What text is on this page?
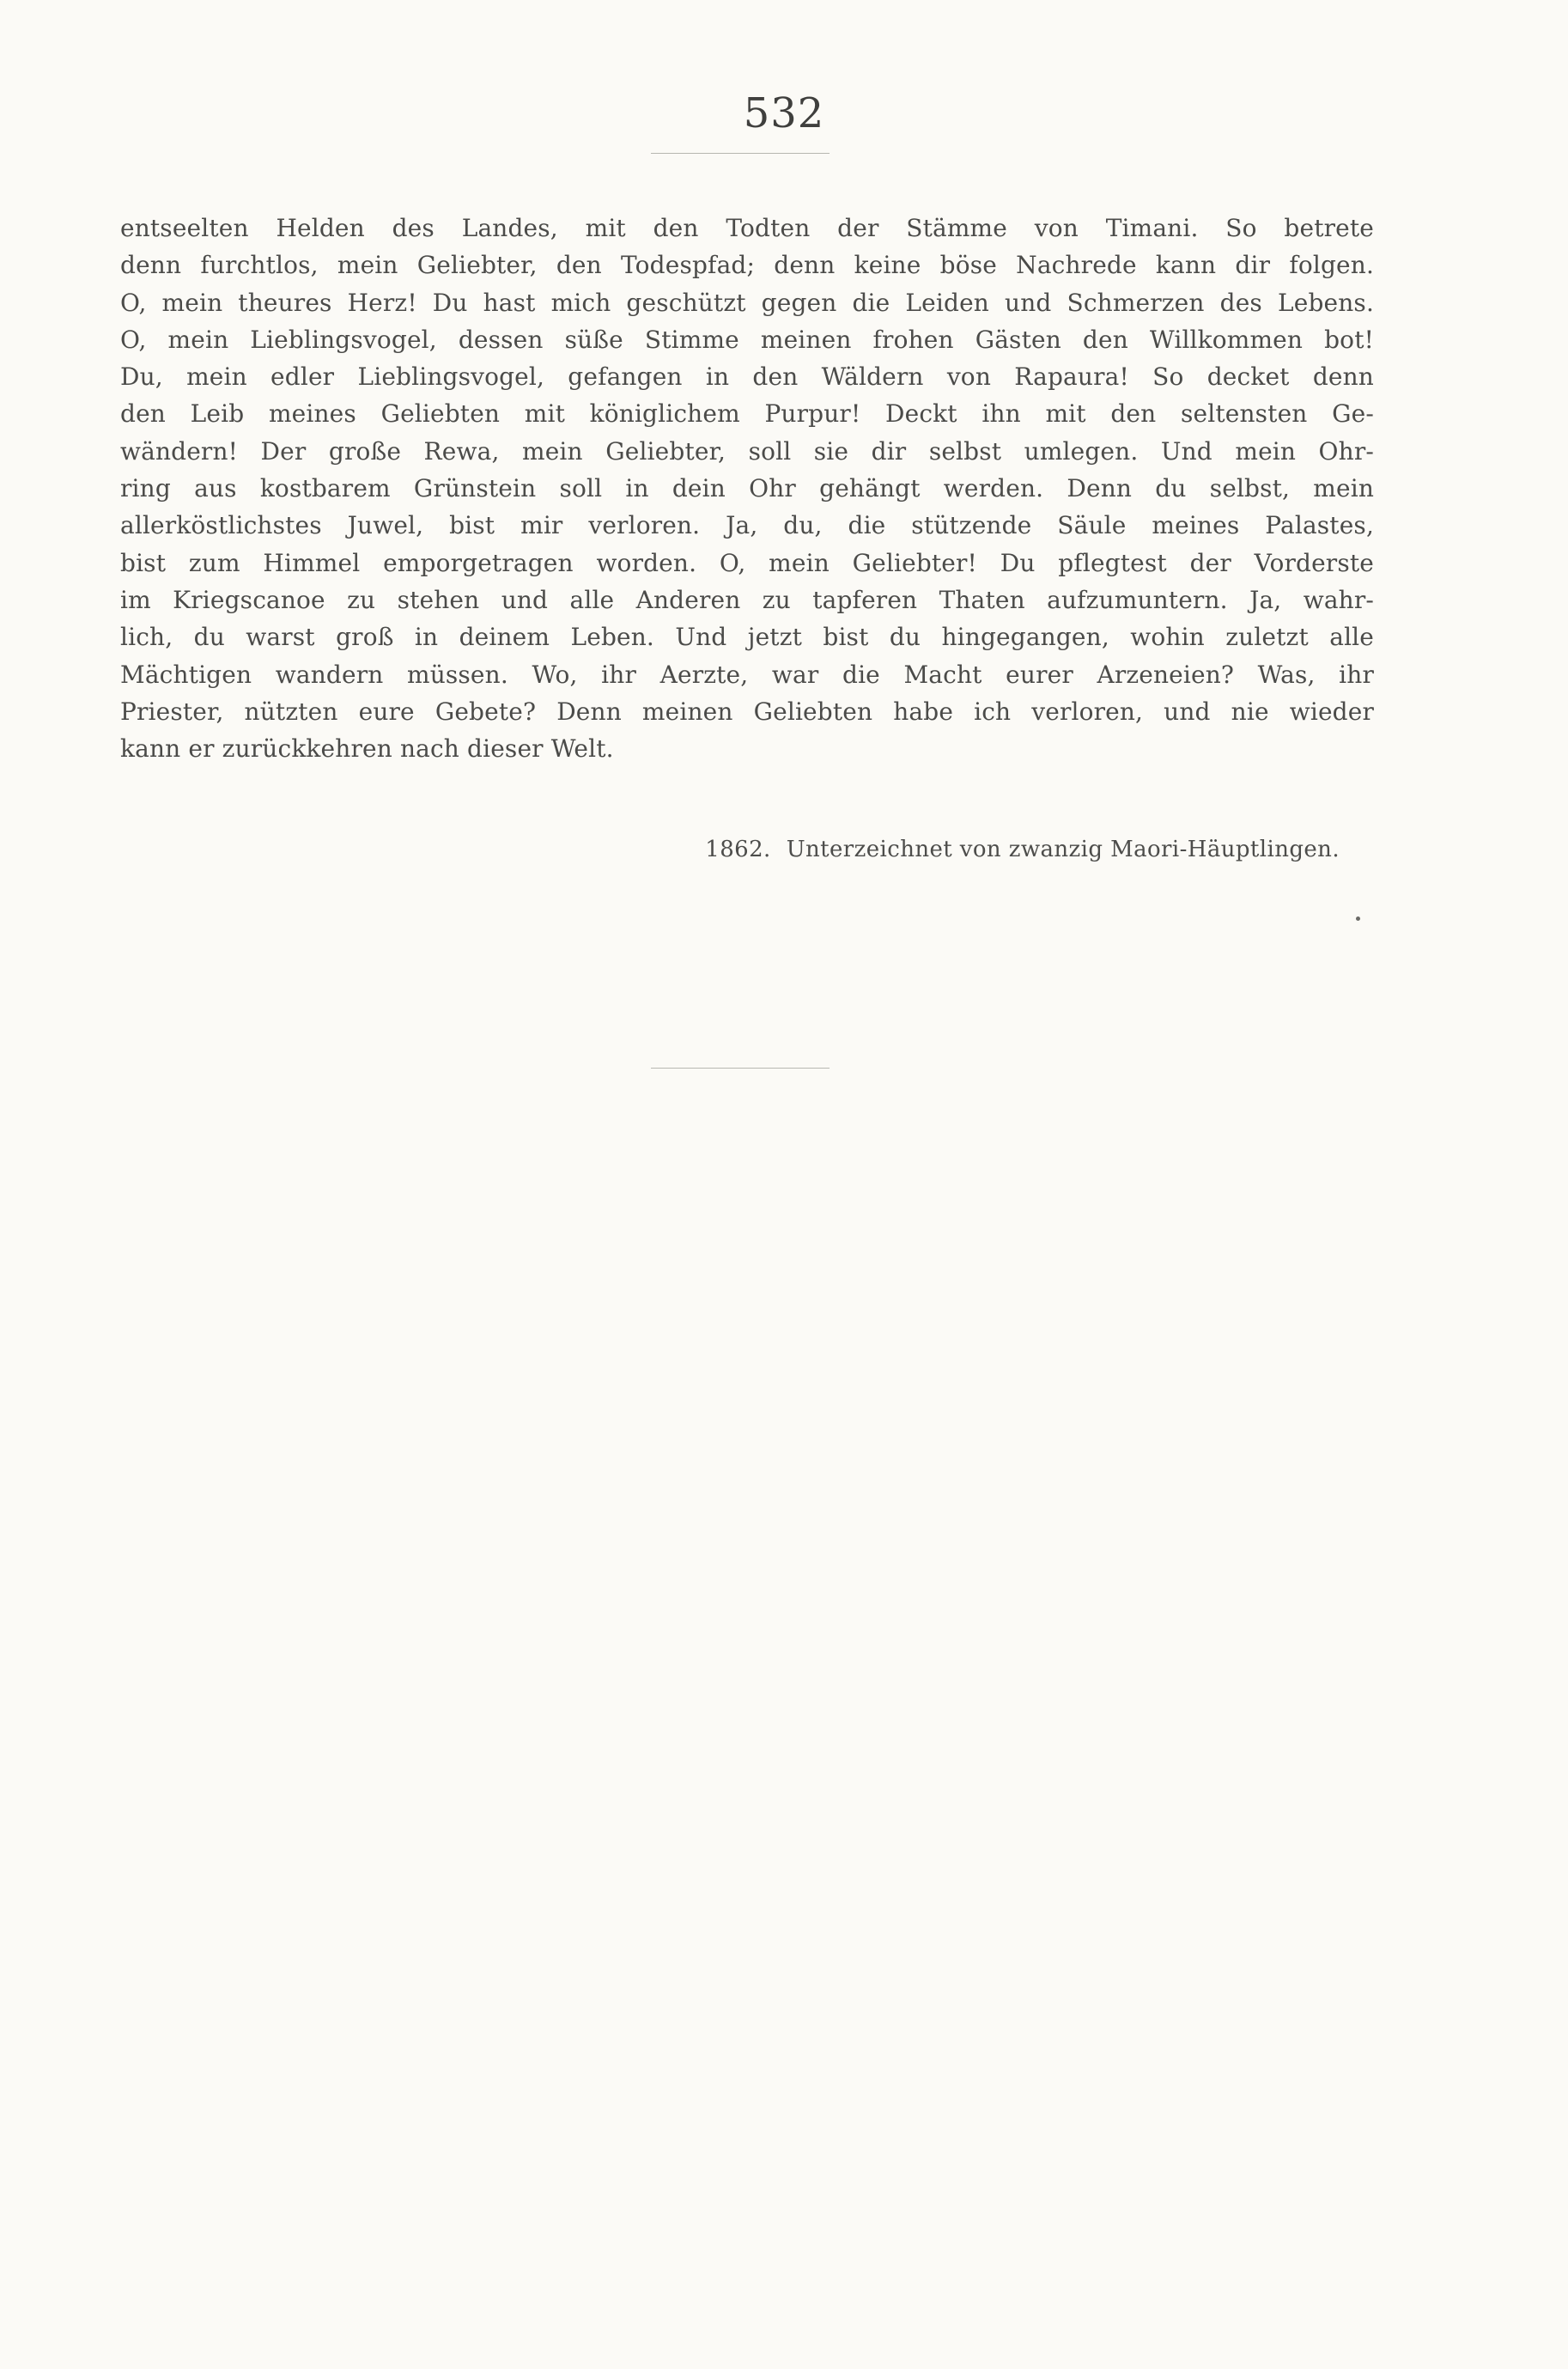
532
entseelten Helden des Landes, mit den Todten der Stämme von Timani. So betrete
denn furchtlos, mein Geliebter, den Todespfad; denn keine böse Nachrede kann dir folgen.
O, mein theures Herz! Du hast mich geschützt gegen die Leiden und Schmerzen des Lebens.
O, mein Lieblingsvogel, dessen süße Stimme meinen frohen Gästen den Willkommen bot!
Du, mein edler Lieblingsvogel, gefangen in den Wäldern von Rapaura! So decket denn
den Leib meines Geliebten mit königlichem Purpur! Deckt ihn mit den seltensten Ge-
wändern! Der große Rewa, mein Geliebter, soll sie dir selbst umlegen. Und mein Ohr-
ring aus kostbarem Grünstein soll in dein Ohr gehängt werden. Denn du selbst, mein
allerköstlichstes Juwel, bist mir verloren. Ja, du, die stützende Säule meines Palastes,
bist zum Himmel emporgetragen worden. O, mein Geliebter! Du pflegtest der Vorderste
im Kriegscanoe zu stehen und alle Anderen zu tapferen Thaten aufzumuntern. Ja, wahr-
lich, du warst groß in deinem Leben. Und jetzt bist du hingegangen, wohin zuletzt alle
Mächtigen wandern müssen. Wo, ihr Aerzte, war die Macht eurer Arzeneien? Was, ihr
Priester, nützten eure Gebete? Denn meinen Geliebten habe ich verloren, und nie wieder
kann er zurückkehren nach dieser Welt.
1862. Unterzeichnet von zwanzig Maori-Häuptlingen.
